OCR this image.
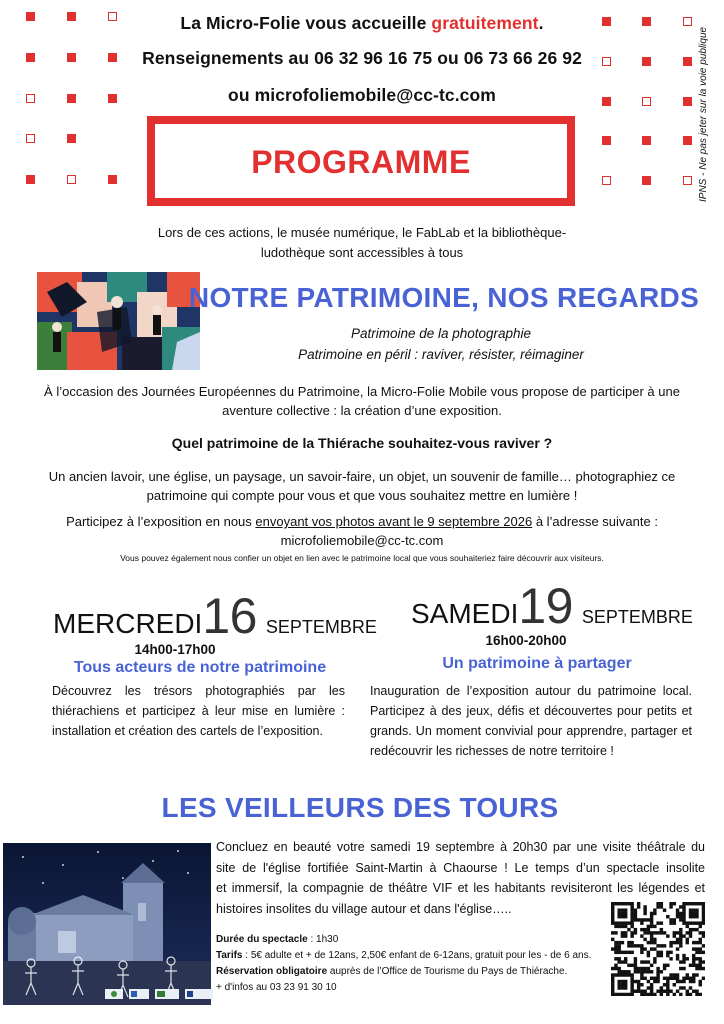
IPNS - Ne pas jeter sur la voie publique
La Micro-Folie vous accueille gratuitement.
Renseignements au 06 32 96 16 75 ou 06 73 66 26 92
ou microfoliemobile@cc-tc.com
PROGRAMME
Lors de ces actions, le musée numérique, le FabLab et la bibliothèque-
ludothèque sont accessibles à tous
NOTRE PATRIMOINE, NOS REGARDS
Patrimoine de la photographie
Patrimoine en péril : raviver, résister, réimaginer
À l’occasion des Journées Européennes du Patrimoine, la Micro-Folie Mobile vous propose de participer à une
aventure collective : la création d’une exposition.
Quel patrimoine de la Thiérache souhaitez-vous raviver ?
Un ancien lavoir, une église, un paysage, un savoir-faire, un objet, un souvenir de famille… photographiez ce
patrimoine qui compte pour vous et que vous souhaitez mettre en lumière !
Participez à l’exposition en nous envoyant vos photos avant le 9 septembre 2026 à l’adresse suivante :
microfoliemobile@cc-tc.com
Vous pouvez également nous confier un objet en lien avec le patrimoine local que vous souhaiteriez faire découvrir aux visiteurs.
MERCREDI16 SEPTEMBRE
14h00-17h00
Tous acteurs de notre patrimoine
Découvrez les trésors photographiés par les
thiérachiens et participez à leur mise en lumière :
installation et création des cartels de l’exposition.
SAMEDI19 SEPTEMBRE
16h00-20h00
Un patrimoine à partager
Inauguration de l’exposition autour du patrimoine local.
Participez à des jeux, défis et découvertes pour petits et
grands. Un moment convivial pour apprendre, partager et
redécouvrir les richesses de notre territoire !
LES VEILLEURS DES TOURS
Concluez en beauté votre samedi 19 septembre à 20h30 par une visite théâtrale du
site de l'église fortifiée Saint-Martin à Chaourse ! Le temps d’un spectacle insolite
et immersif, la compagnie de théâtre VIF et les habitants revisiteront les légendes et
histoires insolites du village autour et dans l'église…..
Durée du spectacle : 1h30
Tarifs : 5€ adulte et + de 12ans, 2,50€ enfant de 6-12ans, gratuit pour les - de 6 ans.
Réservation obligatoire auprès de l’Office de Tourisme du Pays de Thiérache.
+ d'infos au 03 23 91 30 10
